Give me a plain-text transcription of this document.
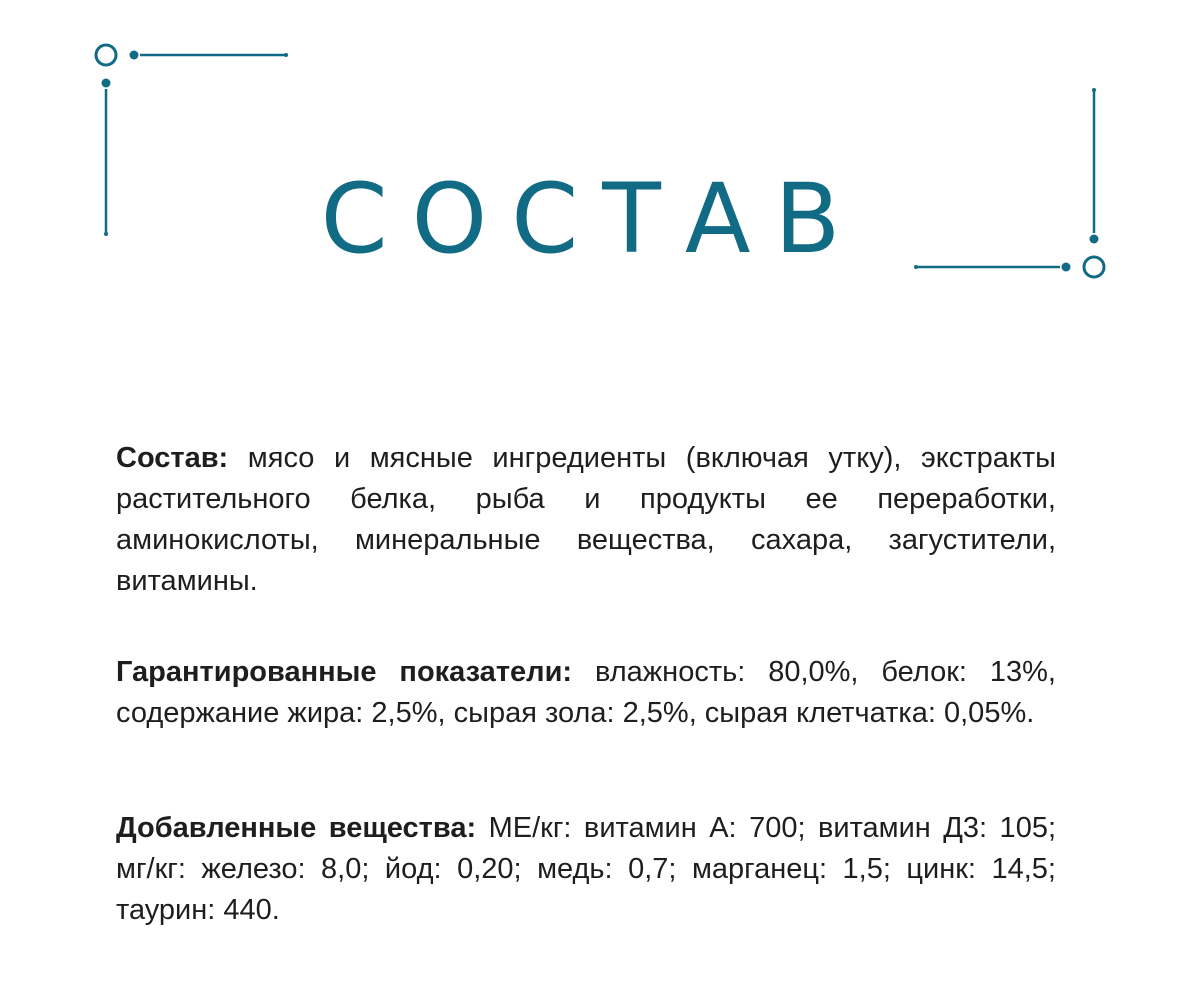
СОСТАВ

Состав: мясо и мясные ингредиенты (включая утку), экстракты растительного белка, рыба и продукты ее переработки, аминокислоты, минеральные вещества, сахара, загустители, витамины.

Гарантированные показатели: влажность: 80,0%, белок: 13%, содержание жира: 2,5%, сырая зола: 2,5%, сырая клетчатка: 0,05%.

Добавленные вещества: МЕ/кг: витамин А: 700; витамин Д3: 105; мг/кг: железо: 8,0; йод: 0,20; медь: 0,7; марганец: 1,5; цинк: 14,5; таурин: 440.
